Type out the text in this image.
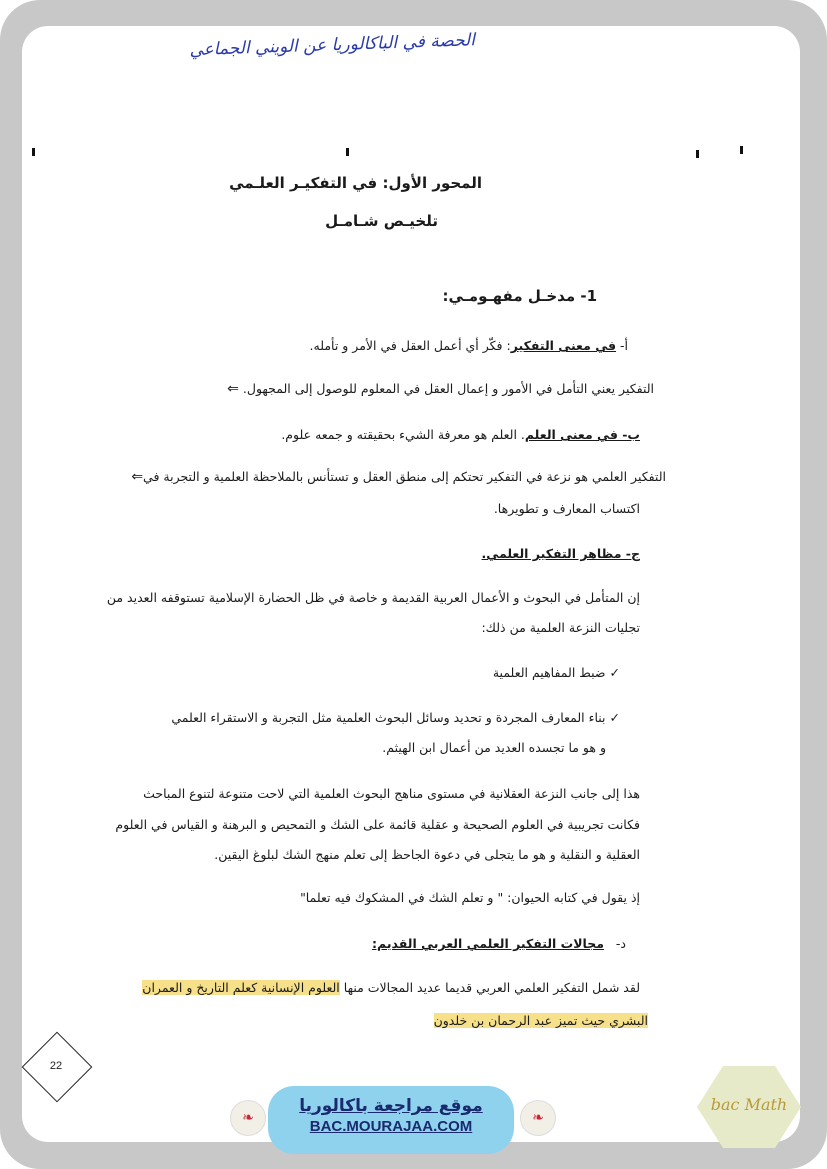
الحصة في الباكالوريا عن الويني الجماعي
المحور الأول: في التفكيـر العلـمي
تلخيـص شـامـل
1- مدخـل مفهـومـي:
أ- في معنى التفكير: فكّر أي أعمل العقل في الأمر و تأمله.
التفكير يعني التأمل في الأمور و إعمال العقل في المعلوم للوصول إلى المجهول. ⇐
ب- في معنى العلم. العلم هو معرفة الشيء بحقيقته و جمعه علوم.
التفكير العلمي هو نزعة في التفكير تحتكم إلى منطق العقل و تستأنس بالملاحظة العلمية و التجربة في⇐
اكتساب المعارف و تطويرها.
ج- مظاهر التفكير العلمي.
إن المتأمل في البحوث و الأعمال العربية القديمة و خاصة في ظل الحضارة الإسلامية تستوقفه العديد من
تجليات النزعة العلمية من ذلك:
✓ ضبط المفاهيم العلمية
✓ بناء المعارف المجردة و تحديد وسائل البحوث العلمية مثل التجربة و الاستقراء العلمي
و هو ما تجسده العديد من أعمال ابن الهيثم.
هذا إلى جانب النزعة العقلانية في مستوى مناهج البحوث العلمية التي لاحت متنوعة لتنوع المباحث
فكانت تجريبية في العلوم الصحيحة و عقلية قائمة على الشك و التمحيص و البرهنة و القياس في العلوم
العقلية و النقلية و هو ما يتجلى في دعوة الجاحظ إلى تعلم منهج الشك لبلوغ اليقين.
إذ يقول في كتابه الحيوان: " و تعلم الشك في المشكوك فيه تعلما"
د-   مجالات التفكير العلمي العربي القديم:
لقد شمل التفكير العلمي العربي قديما عديد المجالات منها العلوم الإنسانية كعلم التاريخ و العمران
البشري حيث تميز عبد الرحمان بن خلدون
22
❧
موقع مراجعة باكالوريا
BAC.MOURAJAA.COM	❧
bac Math
